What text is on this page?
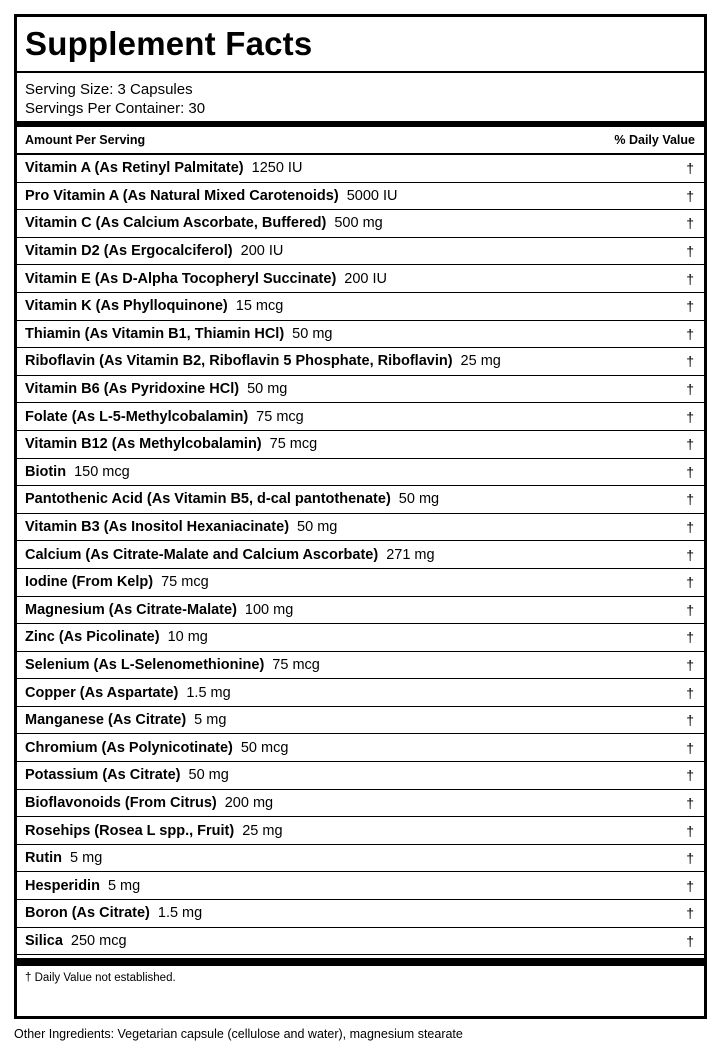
Supplement Facts
Serving Size: 3 Capsules
Servings Per Container: 30
Amount Per Serving	% Daily Value
Vitamin A (As Retinyl Palmitate) 1250 IU	†
Pro Vitamin A (As Natural Mixed Carotenoids) 5000 IU	†
Vitamin C (As Calcium Ascorbate, Buffered) 500 mg	†
Vitamin D2 (As Ergocalciferol) 200 IU	†
Vitamin E (As D-Alpha Tocopheryl Succinate) 200 IU	†
Vitamin K (As Phylloquinone) 15 mcg	†
Thiamin (As Vitamin B1, Thiamin HCl) 50 mg	†
Riboflavin (As Vitamin B2, Riboflavin 5 Phosphate, Riboflavin) 25 mg	†
Vitamin B6 (As Pyridoxine HCl) 50 mg	†
Folate (As L-5-Methylcobalamin) 75 mcg	†
Vitamin B12 (As Methylcobalamin) 75 mcg	†
Biotin 150 mcg	†
Pantothenic Acid (As Vitamin B5, d-cal pantothenate) 50 mg	†
Vitamin B3 (As Inositol Hexaniacinate) 50 mg	†
Calcium (As Citrate-Malate and Calcium Ascorbate) 271 mg	†
Iodine (From Kelp) 75 mcg	†
Magnesium (As Citrate-Malate) 100 mg	†
Zinc (As Picolinate) 10 mg	†
Selenium (As L-Selenomethionine) 75 mcg	†
Copper (As Aspartate) 1.5 mg	†
Manganese (As Citrate) 5 mg	†
Chromium (As Polynicotinate) 50 mcg	†
Potassium (As Citrate) 50 mg	†
Bioflavonoids (From Citrus) 200 mg	†
Rosehips (Rosea L spp., Fruit) 25 mg	†
Rutin 5 mg	†
Hesperidin 5 mg	†
Boron (As Citrate) 1.5 mg	†
Silica 250 mcg	†
† Daily Value not established.
Other Ingredients: Vegetarian capsule (cellulose and water), magnesium stearate
